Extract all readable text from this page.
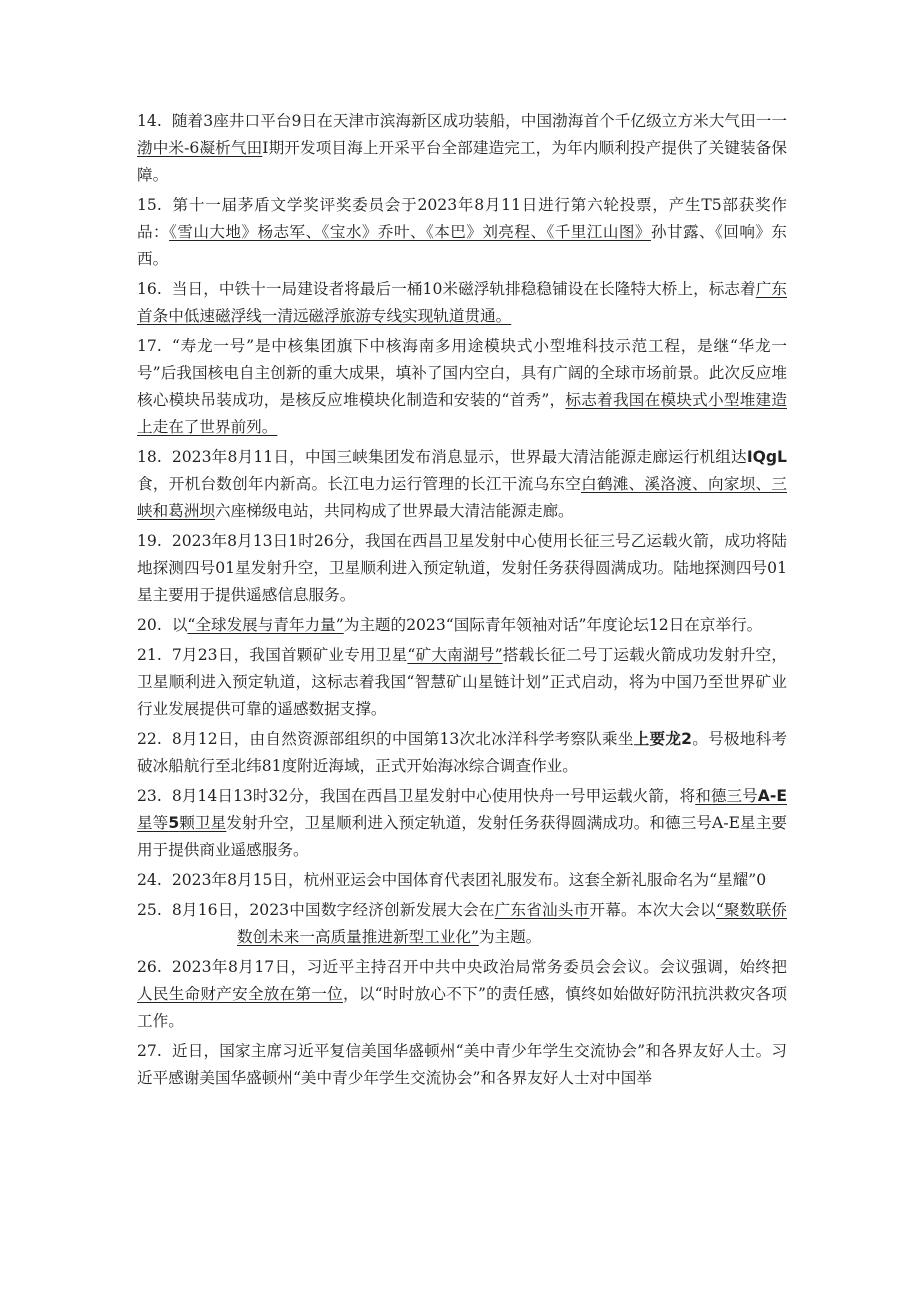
14. 随着3座井口平台9日在天津市滨海新区成功装船，中国渤海首个千亿级立方米大气田一一渤中米-6凝析气田I期开发项目海上开采平台全部建造完工，为年内顺利投产提供了关键装备保障。

15. 第十一届茅盾文学奖评奖委员会于2023年8月11日进行第六轮投票，产生T5部获奖作品：《雪山大地》杨志军、《宝水》乔叶、《本巴》刘亮程、《千里江山图》孙甘露、《回响》东西。

16. 当日，中铁十一局建设者将最后一桶10米磁浮轨排稳稳铺设在长隆特大桥上，标志着广东首条中低速磁浮线一清远磁浮旅游专线实现轨道贯通。

17. “寿龙一号”是中核集团旗下中核海南多用途模块式小型堆科技示范工程，是继“华龙一号”后我国核电自主创新的重大成果，填补了国内空白，具有广阔的全球市场前景。此次反应堆核心模块吊装成功，是核反应堆模块化制造和安装的“首秀”，标志着我国在模块式小型堆建造上走在了世界前列。

18. 2023年8月11日，中国三峡集团发布消息显示，世界最大清洁能源走廊运行机组达IQgL食，开机台数创年内新高。长江电力运行管理的长江干流乌东空白鹤滩、溪洛渡、向家坝、三峡和葛洲坝六座梯级电站，共同构成了世界最大清洁能源走廊。

19. 2023年8月13日1时26分，我国在西昌卫星发射中心使用长征三号乙运载火箭，成功将陆地探测四号01星发射升空，卫星顺利进入预定轨道，发射任务获得圆满成功。陆地探测四号01星主要用于提供遥感信息服务。

20. 以“全球发展与青年力量”为主题的2023“国际青年领袖对话”年度论坛12日在京举行。

21. 7月23日，我国首颗矿业专用卫星“矿大南湖号”搭载长征二号丁运载火箭成功发射升空，卫星顺利进入预定轨道，这标志着我国“智慧矿山星链计划”正式启动，将为中国乃至世界矿业行业发展提供可靠的遥感数据支撑。

22. 8月12日，由自然资源部组织的中国第13次北冰洋科学考察队乘坐上要龙2。号极地科考破冰船航行至北纬81度附近海域，正式开始海冰综合调查作业。

23. 8月14日13时32分，我国在西昌卫星发射中心使用快舟一号甲运载火箭，将和德三号A-E星等5颗卫星发射升空，卫星顺利进入预定轨道，发射任务获得圆满成功。和德三号A-E星主要用于提供商业遥感服务。

24. 2023年8月15日，杭州亚运会中国体育代表团礼服发布。这套全新礼服命名为“星耀”0

25. 8月16日，2023中国数字经济创新发展大会在广东省汕头市开幕。本次大会以“聚数联侨数创未来一高质量推进新型工业化”为主题。

26. 2023年8月17日，习近平主持召开中共中央政治局常务委员会会议。会议强调，始终把人民生命财产安全放在第一位，以“时时放心不下”的责任感，慎终如始做好防汛抗洪救灾各项工作。

27. 近日，国家主席习近平复信美国华盛顿州“美中青少年学生交流协会”和各界友好人士。习近平感谢美国华盛顿州“美中青少年学生交流协会”和各界友好人士对中国举
